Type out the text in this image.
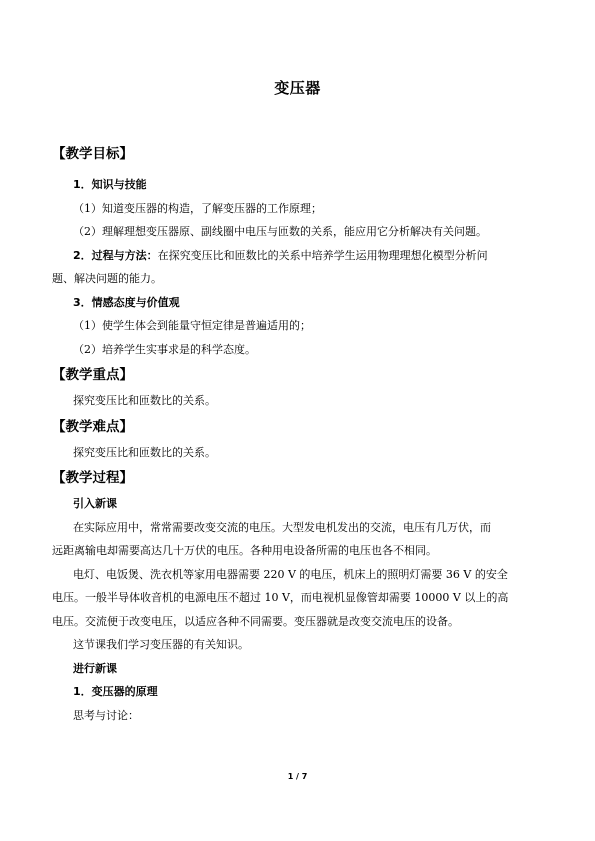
变压器
【教学目标】
1．知识与技能
（1）知道变压器的构造，了解变压器的工作原理；
（2）理解理想变压器原、副线圈中电压与匝数的关系，能应用它分析解决有关问题。
2．过程与方法：在探究变压比和匝数比的关系中培养学生运用物理理想化模型分析问
题、解决问题的能力。
3．情感态度与价值观
（1）使学生体会到能量守恒定律是普遍适用的；
（2）培养学生实事求是的科学态度。
【教学重点】
探究变压比和匝数比的关系。
【教学难点】
探究变压比和匝数比的关系。
【教学过程】
引入新课
在实际应用中，常常需要改变交流的电压。大型发电机发出的交流，电压有几万伏，而
远距离输电却需要高达几十万伏的电压。各种用电设备所需的电压也各不相同。
电灯、电饭煲、洗衣机等家用电器需要 220 V 的电压，机床上的照明灯需要 36 V 的安全
电压。一般半导体收音机的电源电压不超过 10 V，而电视机显像管却需要 10000 V 以上的高
电压。交流便于改变电压，以适应各种不同需要。变压器就是改变交流电压的设备。
这节课我们学习变压器的有关知识。
进行新课
1．变压器的原理
思考与讨论：
1 / 7
